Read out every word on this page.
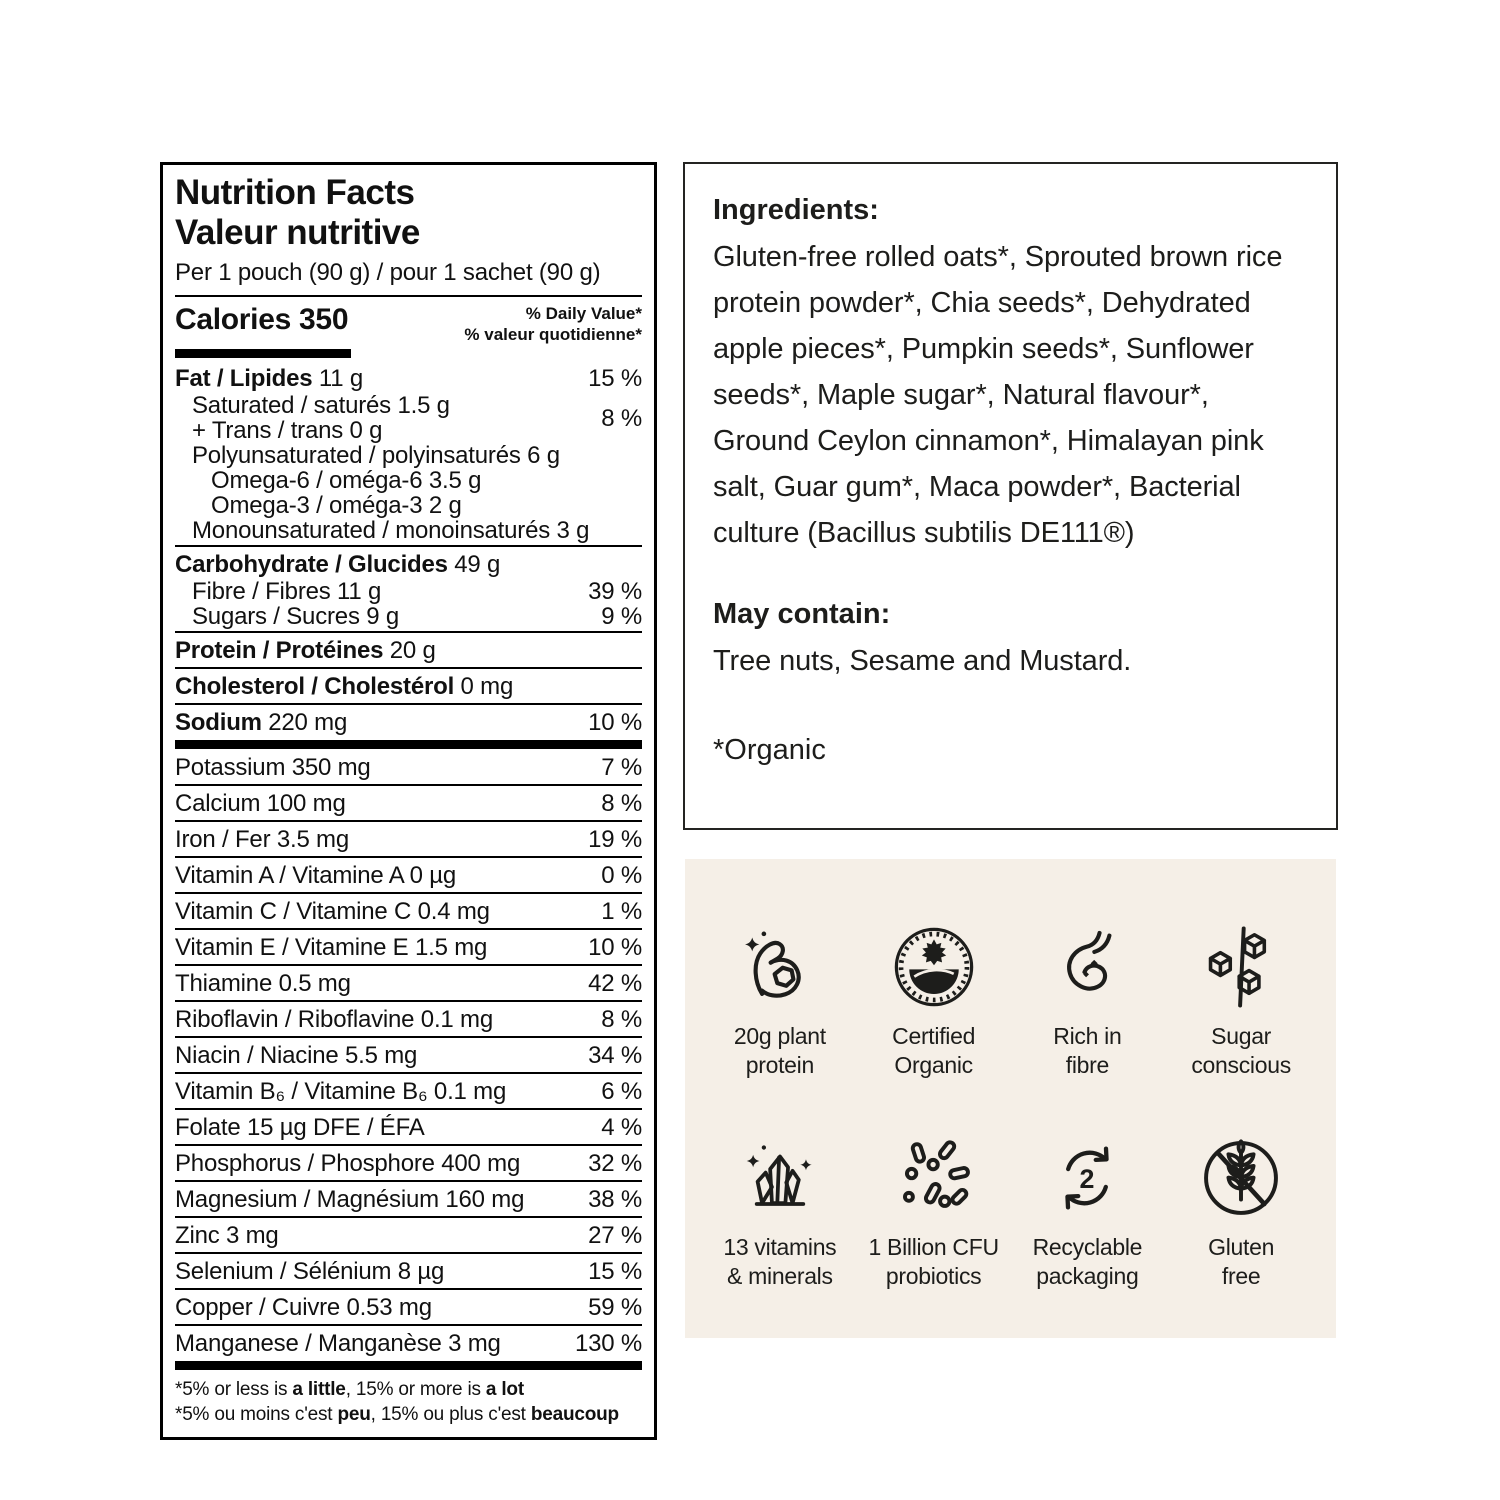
Nutrition Facts
Valeur nutritive
Per 1 pouch (90 g) / pour 1 sachet (90 g)
Calories 350	% Daily Value*
% valeur quotidienne*
Fat / Lipides 11 g	15 %
Saturated / saturés 1.5 g
+ Trans / trans 0 g	8 %
Polyunsaturated / polyinsaturés 6 g
Omega-6 / oméga-6 3.5 g
Omega-3 / oméga-3 2 g
Monounsaturated / monoinsaturés 3 g
Carbohydrate / Glucides 49 g
Fibre / Fibres 11 g	39 %
Sugars / Sucres 9 g	9 %
Protein / Protéines 20 g
Cholesterol / Cholestérol 0 mg
Sodium 220 mg	10 %
Potassium 350 mg	7 %
Calcium 100 mg	8 %
Iron / Fer 3.5 mg	19 %
Vitamin A / Vitamine A 0 µg	0 %
Vitamin C / Vitamine C 0.4 mg	1 %
Vitamin E / Vitamine E 1.5 mg	10 %
Thiamine 0.5 mg	42 %
Riboflavin / Riboflavine 0.1 mg	8 %
Niacin / Niacine 5.5 mg	34 %
Vitamin B₆ / Vitamine B₆ 0.1 mg	6 %
Folate 15 µg DFE / ÉFA	4 %
Phosphorus / Phosphore 400 mg	32 %
Magnesium / Magnésium 160 mg	38 %
Zinc 3 mg	27 %
Selenium / Sélénium 8 µg	15 %
Copper / Cuivre 0.53 mg	59 %
Manganese / Manganèse 3 mg	130 %
*5% or less is a little, 15% or more is a lot
*5% ou moins c'est peu, 15% ou plus c'est beaucoup
Ingredients:
Gluten-free rolled oats*, Sprouted brown rice protein powder*, Chia seeds*, Dehydrated apple pieces*, Pumpkin seeds*, Sunflower seeds*, Maple sugar*, Natural flavour*, Ground Ceylon cinnamon*, Himalayan pink salt, Guar gum*, Maca powder*, Bacterial culture (Bacillus subtilis DE111®)
May contain:
Tree nuts, Sesame and Mustard.
*Organic
20g plant
protein
Certified
Organic
Rich in
fibre
Sugar
conscious
13 vitamins
& minerals
1 Billion CFU
probiotics
2
Recyclable
packaging
Gluten
free
